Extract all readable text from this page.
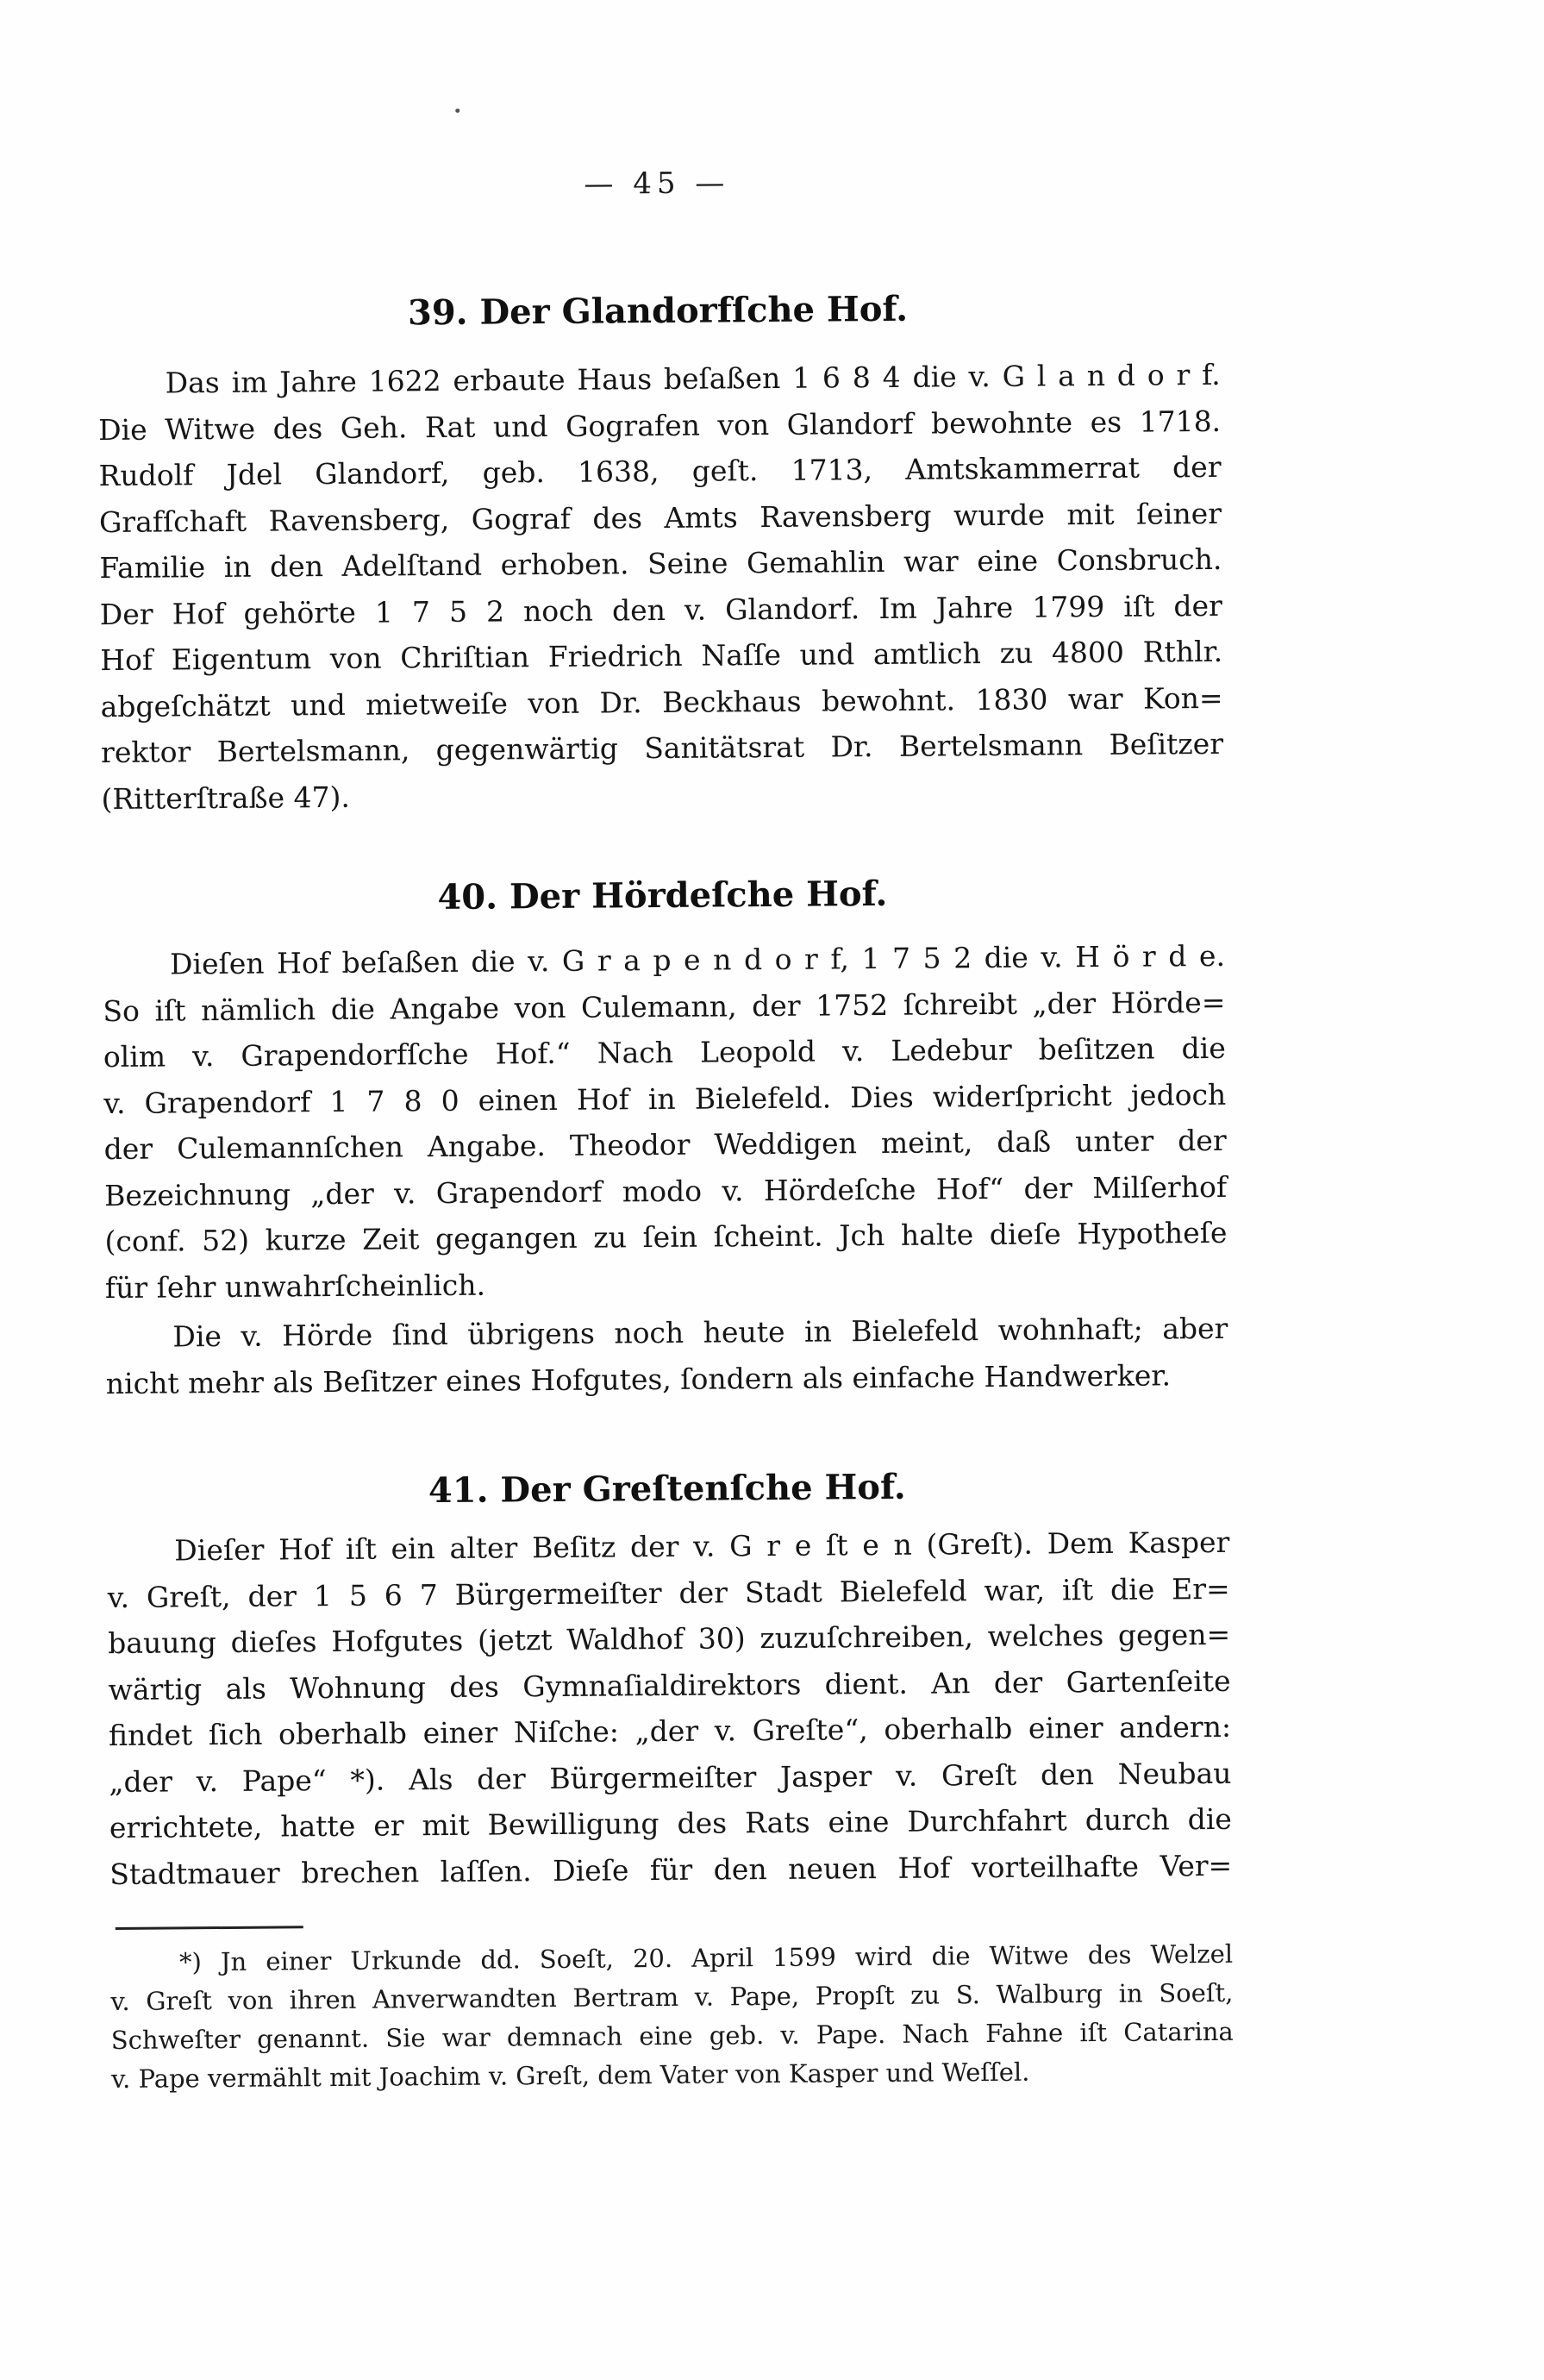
— 45 —
39. Der Glandorfſche Hof.
Das im Jahre 1622 erbaute Haus beſaßen 1 6 8 4 die v. G l a n d o r f.
Die Witwe des Geh. Rat und Gografen von Glandorf bewohnte es 1718.
Rudolf Jdel Glandorf, geb. 1638, geſt. 1713, Amtskammerrat der
Grafſchaft Ravensberg, Gograf des Amts Ravensberg wurde mit ſeiner
Familie in den Adelſtand erhoben. Seine Gemahlin war eine Consbruch.
Der Hof gehörte 1 7 5 2 noch den v. Glandorf. Im Jahre 1799 iſt der
Hof Eigentum von Chriſtian Friedrich Naſſe und amtlich zu 4800 Rthlr.
abgeſchätzt und mietweiſe von Dr. Beckhaus bewohnt. 1830 war Kon=
rektor Bertelsmann, gegenwärtig Sanitätsrat Dr. Bertelsmann Beſitzer
(Ritterſtraße 47).
40. Der Hördeſche Hof.
Dieſen Hof beſaßen die v. G r a p e n d o r f, 1 7 5 2 die v. H ö r d e.
So iſt nämlich die Angabe von Culemann, der 1752 ſchreibt „der Hörde=
olim v. Grapendorfſche Hof.“ Nach Leopold v. Ledebur beſitzen die
v. Grapendorf 1 7 8 0 einen Hof in Bielefeld. Dies widerſpricht jedoch
der Culemannſchen Angabe. Theodor Weddigen meint, daß unter der
Bezeichnung „der v. Grapendorf modo v. Hördeſche Hof“ der Milſerhof
(conf. 52) kurze Zeit gegangen zu ſein ſcheint. Jch halte dieſe Hypotheſe
für ſehr unwahrſcheinlich.
Die v. Hörde ſind übrigens noch heute in Bielefeld wohnhaft; aber
nicht mehr als Beſitzer eines Hofgutes, ſondern als einfache Handwerker.
41. Der Greſtenſche Hof.
Dieſer Hof iſt ein alter Beſitz der v. G r e ſt e n (Greſt). Dem Kasper
v. Greſt, der 1 5 6 7 Bürgermeiſter der Stadt Bielefeld war, iſt die Er=
bauung dieſes Hofgutes (jetzt Waldhof 30) zuzuſchreiben, welches gegen=
wärtig als Wohnung des Gymnaſialdirektors dient. An der Gartenſeite
findet ſich oberhalb einer Niſche: „der v. Greſte“, oberhalb einer andern:
„der v. Pape“ *). Als der Bürgermeiſter Jasper v. Greſt den Neubau
errichtete, hatte er mit Bewilligung des Rats eine Durchfahrt durch die
Stadtmauer brechen laſſen. Dieſe für den neuen Hof vorteilhafte Ver=
*) Jn einer Urkunde dd. Soeſt, 20. April 1599 wird die Witwe des Welzel
v. Greſt von ihren Anverwandten Bertram v. Pape, Propſt zu S. Walburg in Soeſt,
Schweſter genannt. Sie war demnach eine geb. v. Pape. Nach Fahne iſt Catarina
v. Pape vermählt mit Joachim v. Greſt, dem Vater von Kasper und Weſſel.
